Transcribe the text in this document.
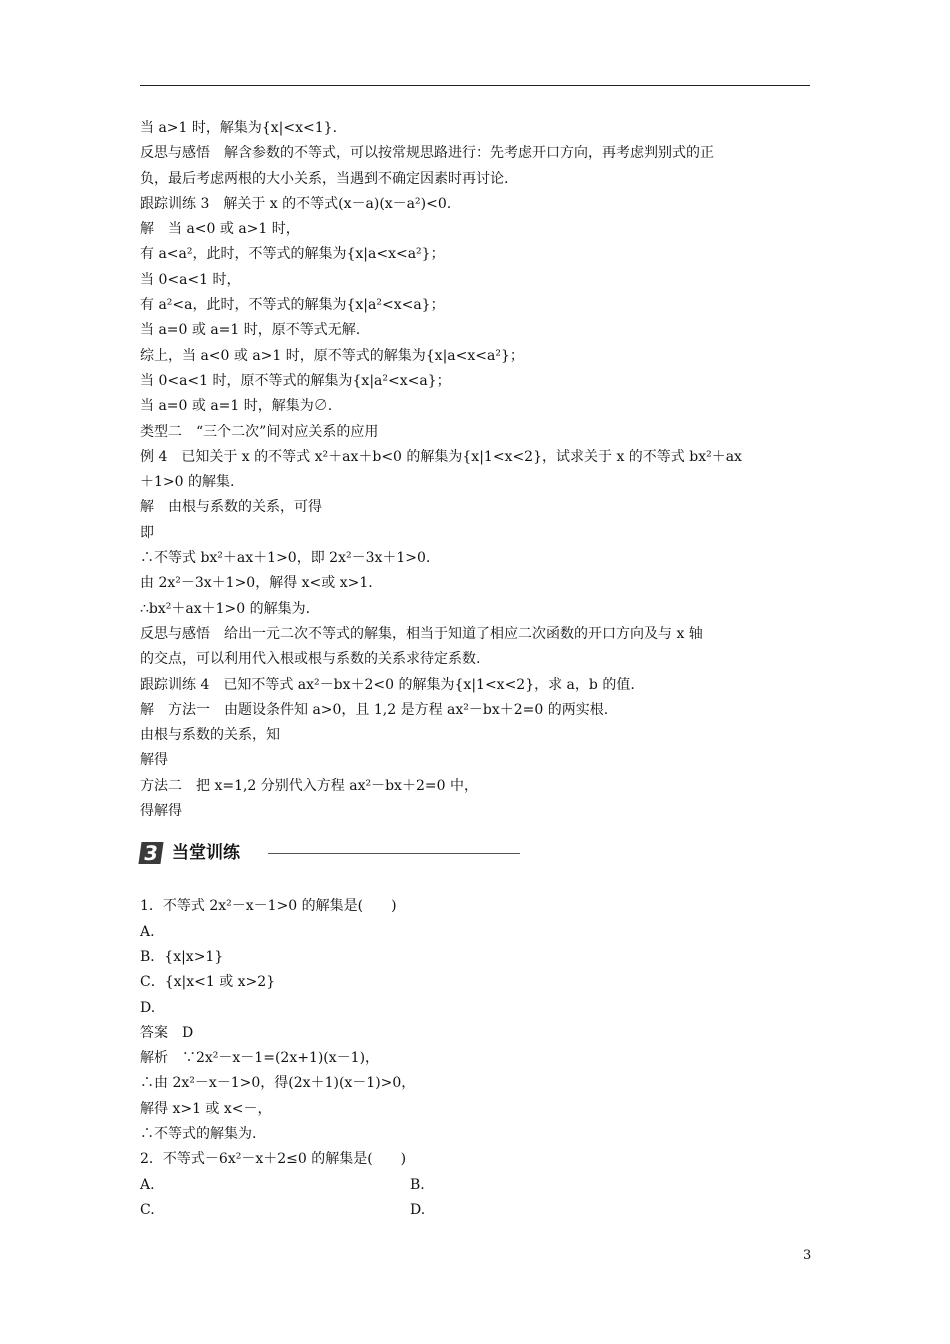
当 a>1 时，解集为{x|<x<1}.
反思与感悟　解含参数的不等式，可以按常规思路进行：先考虑开口方向，再考虑判别式的正
负，最后考虑两根的大小关系，当遇到不确定因素时再讨论.
跟踪训练 3　解关于 x 的不等式(x－a)(x－a²)<0.
解　当 a<0 或 a>1 时，
有 a<a²，此时，不等式的解集为{x|a<x<a²}；
当 0<a<1 时，
有 a²<a，此时，不等式的解集为{x|a²<x<a}；
当 a=0 或 a=1 时，原不等式无解.
综上，当 a<0 或 a>1 时，原不等式的解集为{x|a<x<a²}；
当 0<a<1 时，原不等式的解集为{x|a²<x<a}；
当 a=0 或 a=1 时，解集为∅.
类型二　“三个二次”间对应关系的应用
例 4　已知关于 x 的不等式 x²＋ax＋b<0 的解集为{x|1<x<2}，试求关于 x 的不等式 bx²＋ax
＋1>0 的解集.
解　由根与系数的关系，可得
即
∴不等式 bx²＋ax＋1>0，即 2x²－3x＋1>0.
由 2x²－3x＋1>0，解得 x<或 x>1.
∴bx²＋ax＋1>0 的解集为.
反思与感悟　给出一元二次不等式的解集，相当于知道了相应二次函数的开口方向及与 x 轴
的交点，可以利用代入根或根与系数的关系求待定系数.
跟踪训练 4　已知不等式 ax²－bx＋2<0 的解集为{x|1<x<2}，求 a，b 的值.
解　方法一　由题设条件知 a>0，且 1,2 是方程 ax²－bx＋2=0 的两实根.
由根与系数的关系，知
解得
方法二　把 x=1,2 分别代入方程 ax²－bx＋2=0 中，
得解得
3 当堂训练
1．不等式 2x²－x－1>0 的解集是(　　)
A.
B．{x|x>1}
C．{x|x<1 或 x>2}
D.
答案　D
解析　∵2x²－x－1=(2x+1)(x－1)，
∴由 2x²－x－1>0，得(2x＋1)(x－1)>0，
解得 x>1 或 x<－，
∴不等式的解集为.
2．不等式－6x²－x＋2≤0 的解集是(　　)
A.	B.
C.	D.
3
